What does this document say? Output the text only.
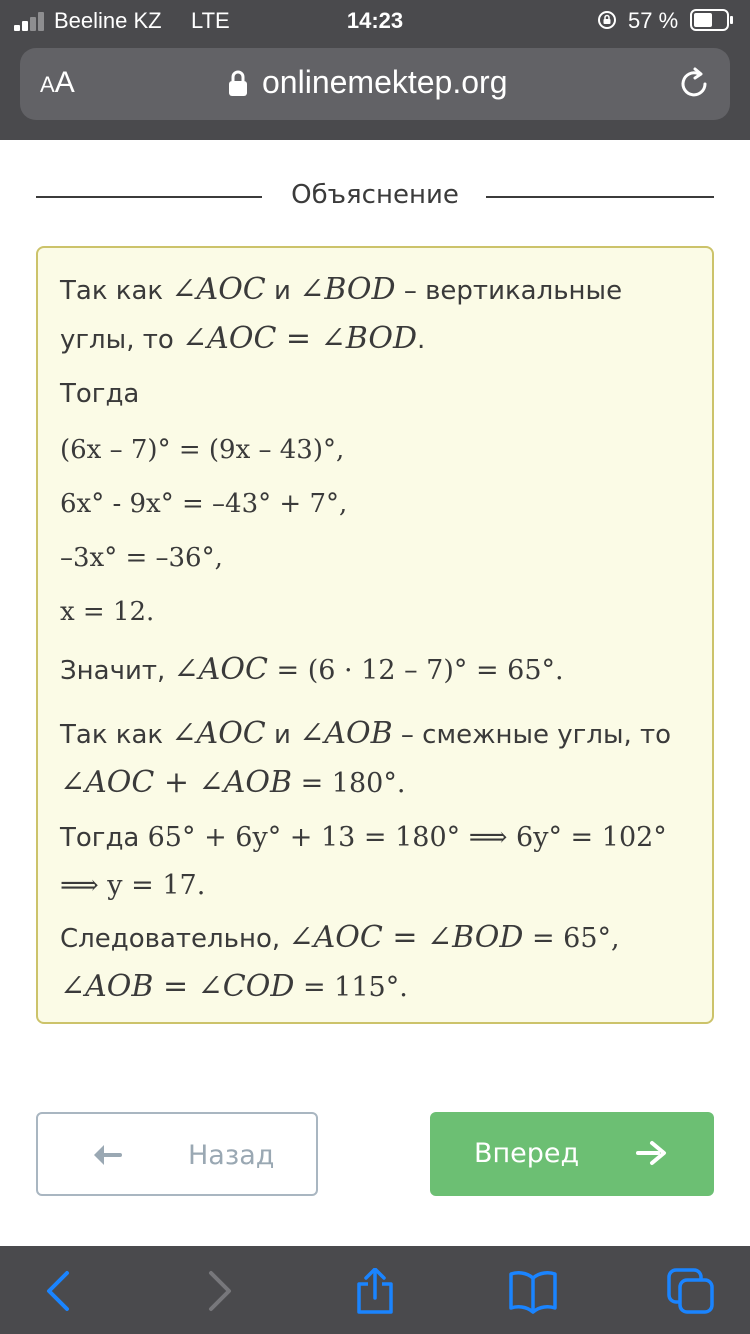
Beeline KZ LTE	14:23	57 %
AA	onlinemektep.org
Объяснение

Так как ∠AOC и ∠BOD – вертикальные углы, то ∠AOC = ∠BOD.

Тогда

(6x – 7)° = (9x – 43)°,

6x° - 9x° = –43° + 7°,

–3x° = –36°,

x = 12.

Значит, ∠AOC = (6 · 12 – 7)° = 65°.

Так как ∠AOC и ∠AOB – смежные углы, то ∠AOC + ∠AOB = 180°.

Тогда 65° + 6y° + 13 = 180° ⟹ 6y° = 102° ⟹ y = 17.

Следовательно, ∠AOC = ∠BOD = 65°, ∠AOB = ∠COD = 115°.

Назад	Вперед
